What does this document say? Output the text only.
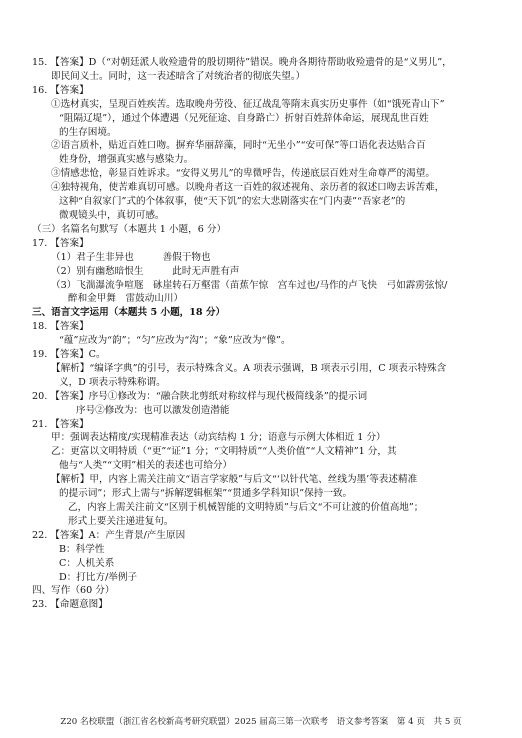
15. 【答案】D（“对朝廷派人收殓遗骨的殷切期待”错误。晚舟各期待帮助收殓遗骨的是“义男儿”，
即民间义士。同时，这一表述暗含了对统治者的彻底失望。）
16. 【答案】
①选材真实，呈现百姓疾苦。选取晚舟劳役、征辽战乱等隋末真实历史事件（如“饿死青山下”
“阻隔辽堤”），通过个体遭遇（兄死征途、自身路亡）折射百姓辞体命运，展现乱世百姓
的生存困境。
②语言质朴，贴近百姓口吻。摒弃华丽辞藻，同时“无坐小”“安可保”等口语化表达贴合百
姓身份，增强真实感与感染力。
③情感悲怆，彰显百姓诉求。“安得义男儿”的卑微呼告，传递底层百姓对生命尊严的渴望。
④独特视角，使苦难真切可感。以晚舟者这一百姓的叙述视角、亲历者的叙述口吻去诉苦难，
这种“自叙家门”式的个体叙事，使“天下饥”的宏大悲剧落实在“门内妻”“吾家老”的
微观镜头中，真切可感。
（三）名篇名句默写（本题共 1 小题，6 分）
17. 【答案】
（1）君子生非异也　　　善假于物也
（2）别有幽愁暗恨生　　　此时无声胜有声
（3）飞湍瀑流争喧豗　砯崖转石万壑雷（苗蕉乍惊　宫车过也/马作的卢飞快　弓如霹雳弦惊/
醉和金甲舞　雷鼓动山川）
三、语言文字运用（本题共 5 小题，18 分）
18. 【答案】
“蕴”应改为“韵”；“匀”应改为“沟”；“象”应改为“像”。
19. 【答案】C。
【解析】“编译字典”的引号，表示特殊含义。A 项表示强调，B 项表示引用，C 项表示特殊含
义，D 项表示特殊称谓。
20. 【答案】序号①修改为：“融合陕北剪纸对称纹样与现代极简线条”的提示词
序号②修改为：也可以激发创造潜能
21. 【答案】
甲：强调表达精度/实现精准表达（动宾结构 1 分；语意与示例大体相近 1 分）
乙：更富以文明特质（“更”“证”1 分；“文明特质”“人类价值”“人文精神”1 分，其
他与“人类”“文明”相关的表述也可给分）
【解析】甲，内容上需关注前文“语言学家般”与后文“‘以针代笔、丝线为墨’等表述精准
的提示词”；形式上需与“拆解逻辑框架”“贯通多学科知识”保持一致。
乙，内容上需关注前文“区别于机械智能的文明特质”与后文“不可让渡的价值高地”；
形式上要关注递进复句。
22. 【答案】A：产生背景/产生原因
B：科学性
C：人机关系
D：打比方/举例子
四、写作（60 分）
23. 【命题意图】
Z20 名校联盟（浙江省名校新高考研究联盟）2025 届高三第一次联考　语文参考答案　第 4 页　共 5 页
